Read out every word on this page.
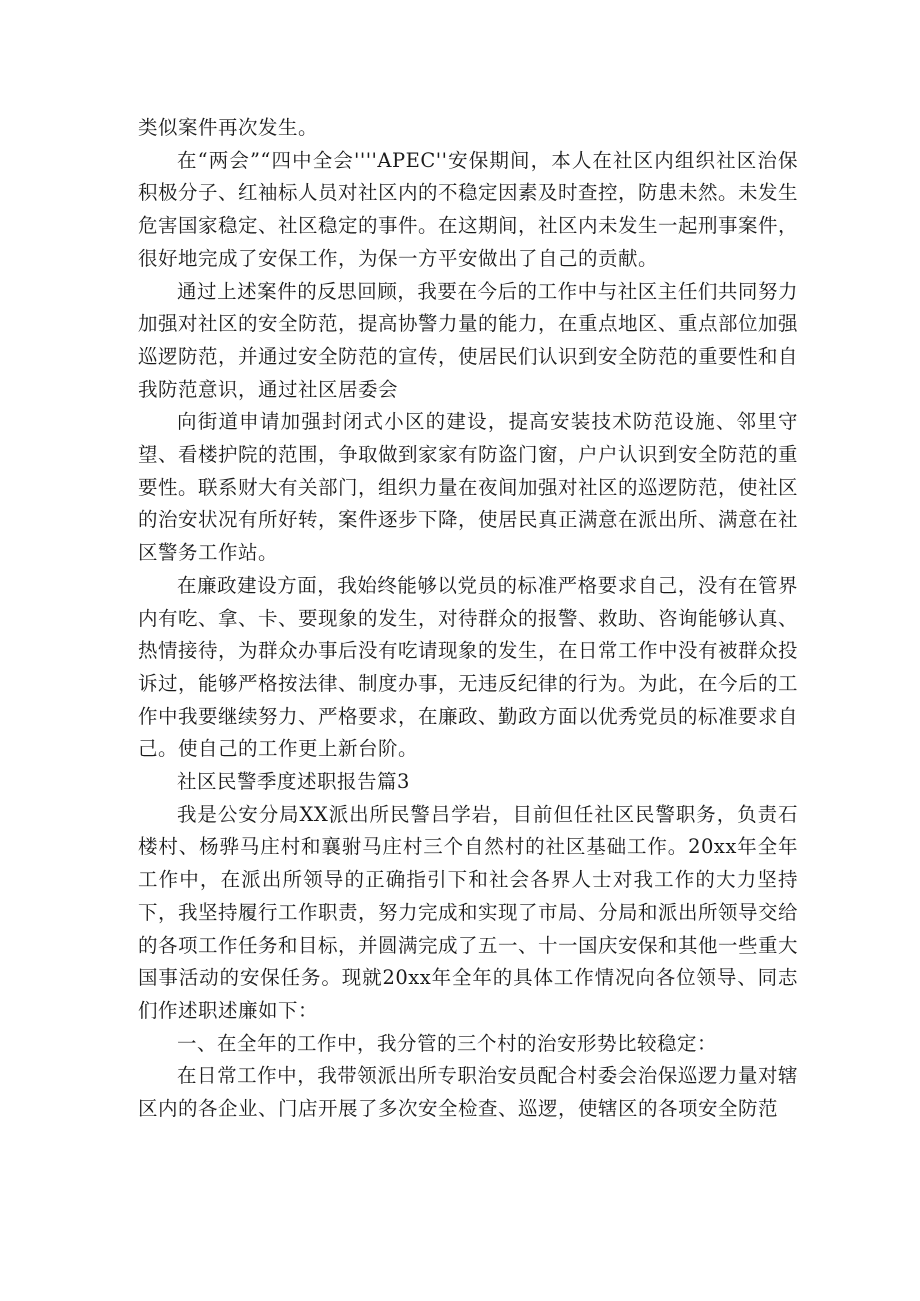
类似案件再次发生。

在“两会”“四中全会''''APEC''安保期间，本人在社区内组织社区治保积极分子、红袖标人员对社区内的不稳定因素及时查控，防患未然。未发生危害国家稳定、社区稳定的事件。在这期间，社区内未发生一起刑事案件，很好地完成了安保工作，为保一方平安做出了自己的贡献。

通过上述案件的反思回顾，我要在今后的工作中与社区主任们共同努力加强对社区的安全防范，提高协警力量的能力，在重点地区、重点部位加强巡逻防范，并通过安全防范的宣传，使居民们认识到安全防范的重要性和自我防范意识，通过社区居委会

向街道申请加强封闭式小区的建设，提高安装技术防范设施、邻里守望、看楼护院的范围，争取做到家家有防盗门窗，户户认识到安全防范的重要性。联系财大有关部门，组织力量在夜间加强对社区的巡逻防范，使社区的治安状况有所好转，案件逐步下降，使居民真正满意在派出所、满意在社区警务工作站。

在廉政建设方面，我始终能够以党员的标准严格要求自己，没有在管界内有吃、拿、卡、要现象的发生，对待群众的报警、救助、咨询能够认真、热情接待，为群众办事后没有吃请现象的发生，在日常工作中没有被群众投诉过，能够严格按法律、制度办事，无违反纪律的行为。为此，在今后的工作中我要继续努力、严格要求，在廉政、勤政方面以优秀党员的标准要求自己。使自己的工作更上新台阶。

社区民警季度述职报告篇3

我是公安分局XX派出所民警吕学岩，目前但任社区民警职务，负责石楼村、杨骅马庄村和襄驸马庄村三个自然村的社区基础工作。20xx年全年工作中，在派出所领导的正确指引下和社会各界人士对我工作的大力坚持下，我坚持履行工作职责，努力完成和实现了市局、分局和派出所领导交给的各项工作任务和目标，并圆满完成了五一、十一国庆安保和其他一些重大国事活动的安保任务。现就20xx年全年的具体工作情况向各位领导、同志们作述职述廉如下：

一、在全年的工作中，我分管的三个村的治安形势比较稳定：

在日常工作中，我带领派出所专职治安员配合村委会治保巡逻力量对辖区内的各企业、门店开展了多次安全检查、巡逻，使辖区的各项安全防范
